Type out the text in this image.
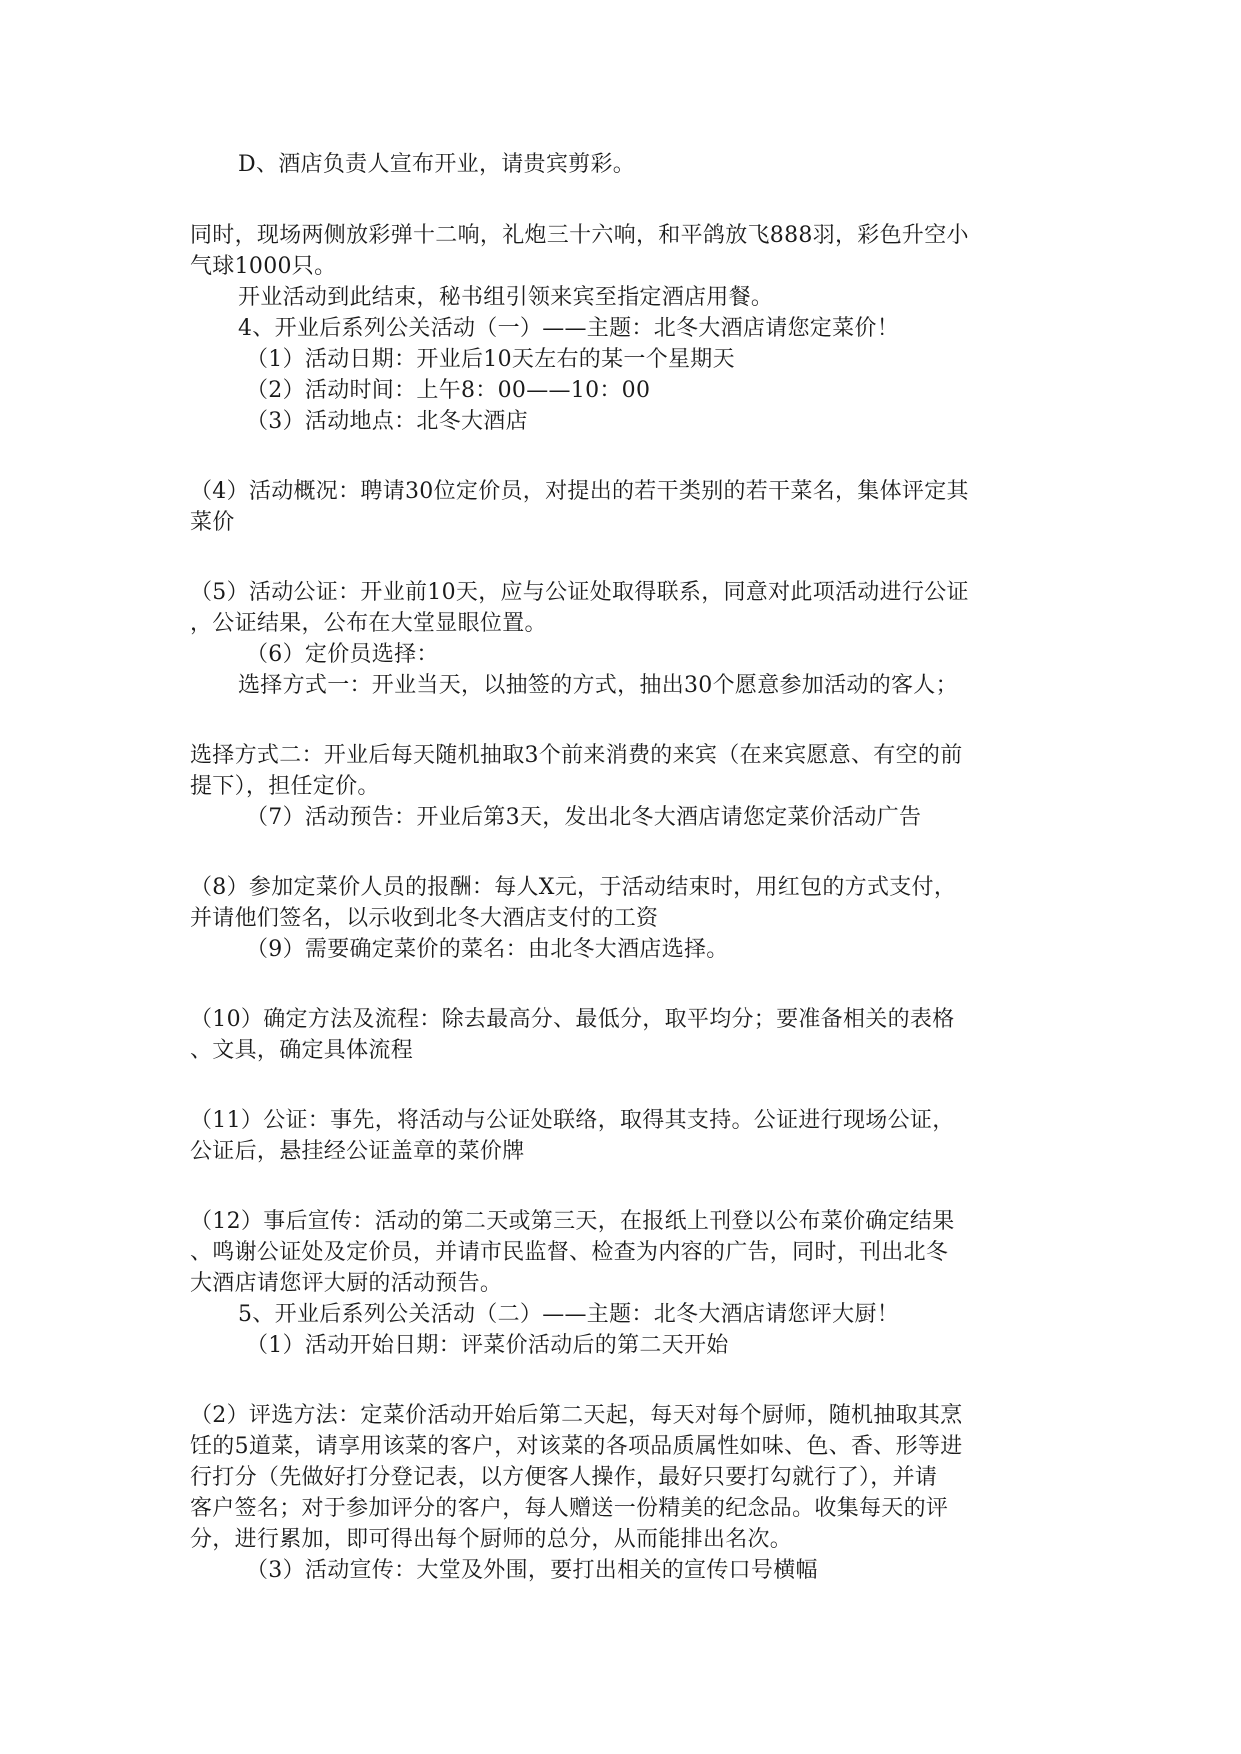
D、酒店负责人宣布开业，请贵宾剪彩。
同时，现场两侧放彩弹十二响，礼炮三十六响，和平鸽放飞888羽，彩色升空小
气球1000只。
开业活动到此结束，秘书组引领来宾至指定酒店用餐。
4、开业后系列公关活动（一）——主题：北冬大酒店请您定菜价！
（1）活动日期：开业后10天左右的某一个星期天
（2）活动时间：上午8：00——10：00
（3）活动地点：北冬大酒店
（4）活动概况：聘请30位定价员，对提出的若干类别的若干菜名，集体评定其
菜价
（5）活动公证：开业前10天，应与公证处取得联系，同意对此项活动进行公证
，公证结果，公布在大堂显眼位置。
（6）定价员选择：
选择方式一：开业当天，以抽签的方式，抽出30个愿意参加活动的客人；
选择方式二：开业后每天随机抽取3个前来消费的来宾（在来宾愿意、有空的前
提下），担任定价。
（7）活动预告：开业后第3天，发出北冬大酒店请您定菜价活动广告
（8）参加定菜价人员的报酬：每人X元，于活动结束时，用红包的方式支付，
并请他们签名，以示收到北冬大酒店支付的工资
（9）需要确定菜价的菜名：由北冬大酒店选择。
（10）确定方法及流程：除去最高分、最低分，取平均分；要准备相关的表格
、文具，确定具体流程
（11）公证：事先，将活动与公证处联络，取得其支持。公证进行现场公证，
公证后，悬挂经公证盖章的菜价牌
（12）事后宣传：活动的第二天或第三天，在报纸上刊登以公布菜价确定结果
、鸣谢公证处及定价员，并请市民监督、检查为内容的广告，同时，刊出北冬
大酒店请您评大厨的活动预告。
5、开业后系列公关活动（二）——主题：北冬大酒店请您评大厨！
（1）活动开始日期：评菜价活动后的第二天开始
（2）评选方法：定菜价活动开始后第二天起，每天对每个厨师，随机抽取其烹
饪的5道菜，请享用该菜的客户，对该菜的各项品质属性如味、色、香、形等进
行打分（先做好打分登记表，以方便客人操作，最好只要打勾就行了），并请
客户签名；对于参加评分的客户，每人赠送一份精美的纪念品。收集每天的评
分，进行累加，即可得出每个厨师的总分，从而能排出名次。
（3）活动宣传：大堂及外围，要打出相关的宣传口号横幅
